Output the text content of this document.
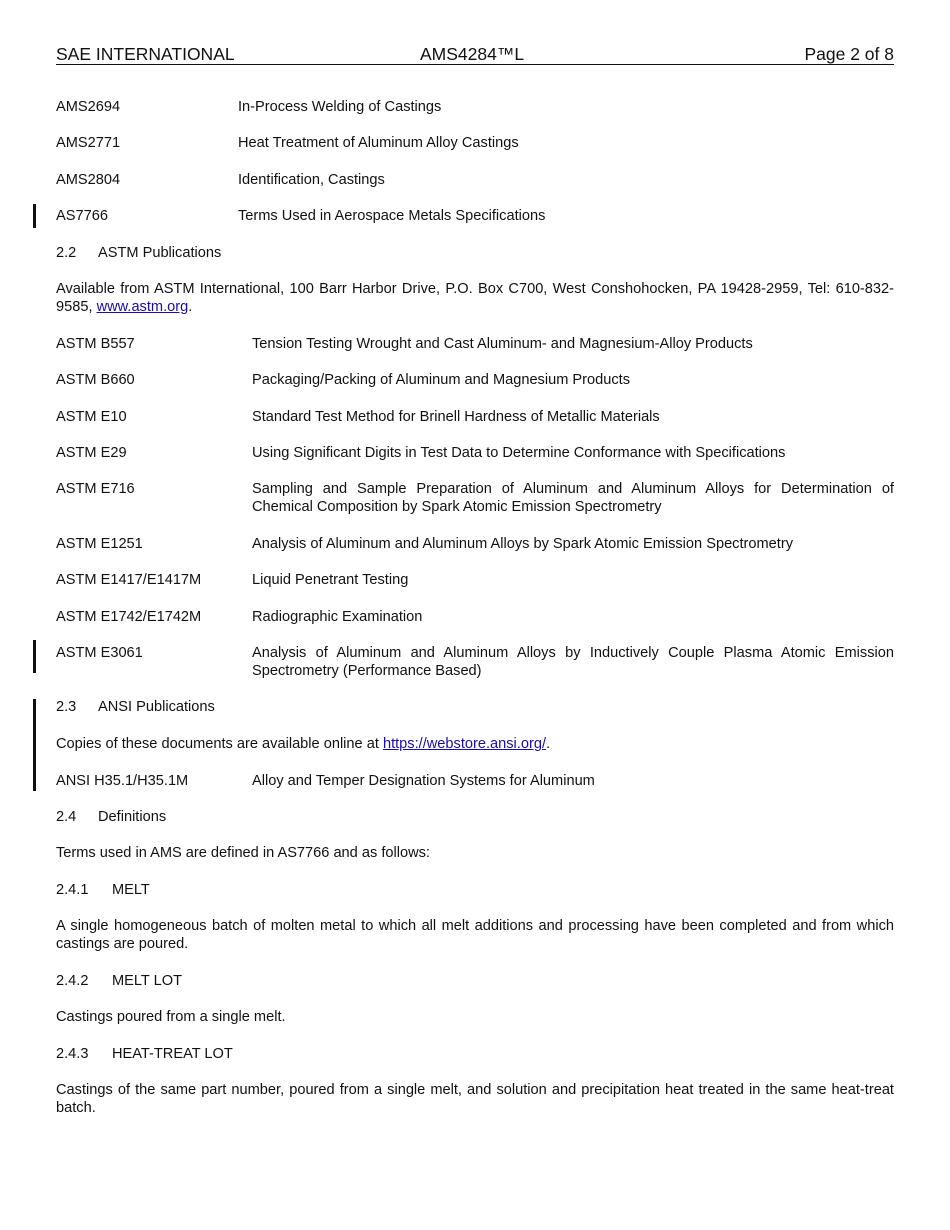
SAE INTERNATIONAL	AMS4284™L	Page 2 of 8
AMS2694	In-Process Welding of Castings
AMS2771	Heat Treatment of Aluminum Alloy Castings
AMS2804	Identification, Castings
AS7766	Terms Used in Aerospace Metals Specifications
2.2 ASTM Publications
Available from ASTM International, 100 Barr Harbor Drive, P.O. Box C700, West Conshohocken, PA 19428-2959, Tel: 610-832-9585, www.astm.org.
ASTM B557	Tension Testing Wrought and Cast Aluminum- and Magnesium-Alloy Products
ASTM B660	Packaging/Packing of Aluminum and Magnesium Products
ASTM E10	Standard Test Method for Brinell Hardness of Metallic Materials
ASTM E29	Using Significant Digits in Test Data to Determine Conformance with Specifications
ASTM E716	Sampling and Sample Preparation of Aluminum and Aluminum Alloys for Determination of Chemical Composition by Spark Atomic Emission Spectrometry
ASTM E1251	Analysis of Aluminum and Aluminum Alloys by Spark Atomic Emission Spectrometry
ASTM E1417/E1417M	Liquid Penetrant Testing
ASTM E1742/E1742M	Radiographic Examination
ASTM E3061	Analysis of Aluminum and Aluminum Alloys by Inductively Couple Plasma Atomic Emission Spectrometry (Performance Based)
2.3 ANSI Publications
Copies of these documents are available online at https://webstore.ansi.org/.
ANSI H35.1/H35.1M	Alloy and Temper Designation Systems for Aluminum
2.4 Definitions
Terms used in AMS are defined in AS7766 and as follows:
2.4.1 MELT
A single homogeneous batch of molten metal to which all melt additions and processing have been completed and from which castings are poured.
2.4.2 MELT LOT
Castings poured from a single melt.
2.4.3 HEAT-TREAT LOT
Castings of the same part number, poured from a single melt, and solution and precipitation heat treated in the same heat-treat batch.
